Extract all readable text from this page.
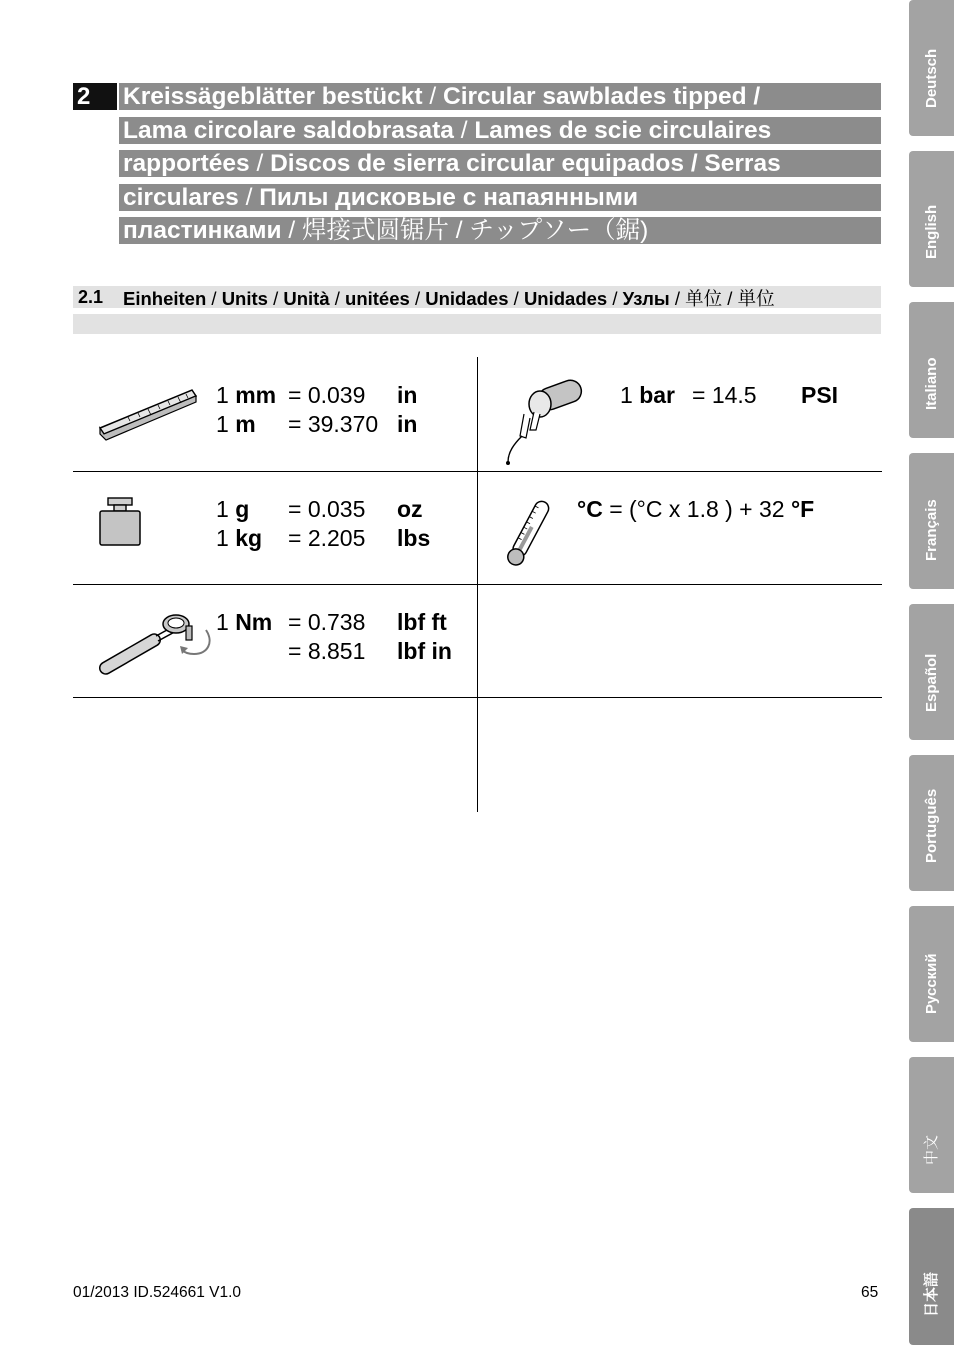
2	Kreissägeblätter bestückt / Circular sawblades tipped /
Lama circolare saldobrasata / Lames de scie circulaires
rapportées / Discos de sierra circular equipados / Serras
circulares / Пилы дисковые с напаянными
пластинками / 焊接式圆锯片 / チップソー（鋸)
2.1 Einheiten / Units / Unità / unitées / Unidades / Unidades / Узлы / 单位 / 単位
1 mm = 0.039 in
1 m = 39.370 in
1 bar = 14.5 PSI
1 g = 0.035 oz
1 kg = 2.205 lbs
°C = (°C x 1.8 ) + 32 °F
1 Nm = 0.738 lbf ft
= 8.851 lbf in
Deutsch
English
Italiano
Français
Español
Português
Русский
中文
日本語
01/2013 ID.524661 V1.0	65
